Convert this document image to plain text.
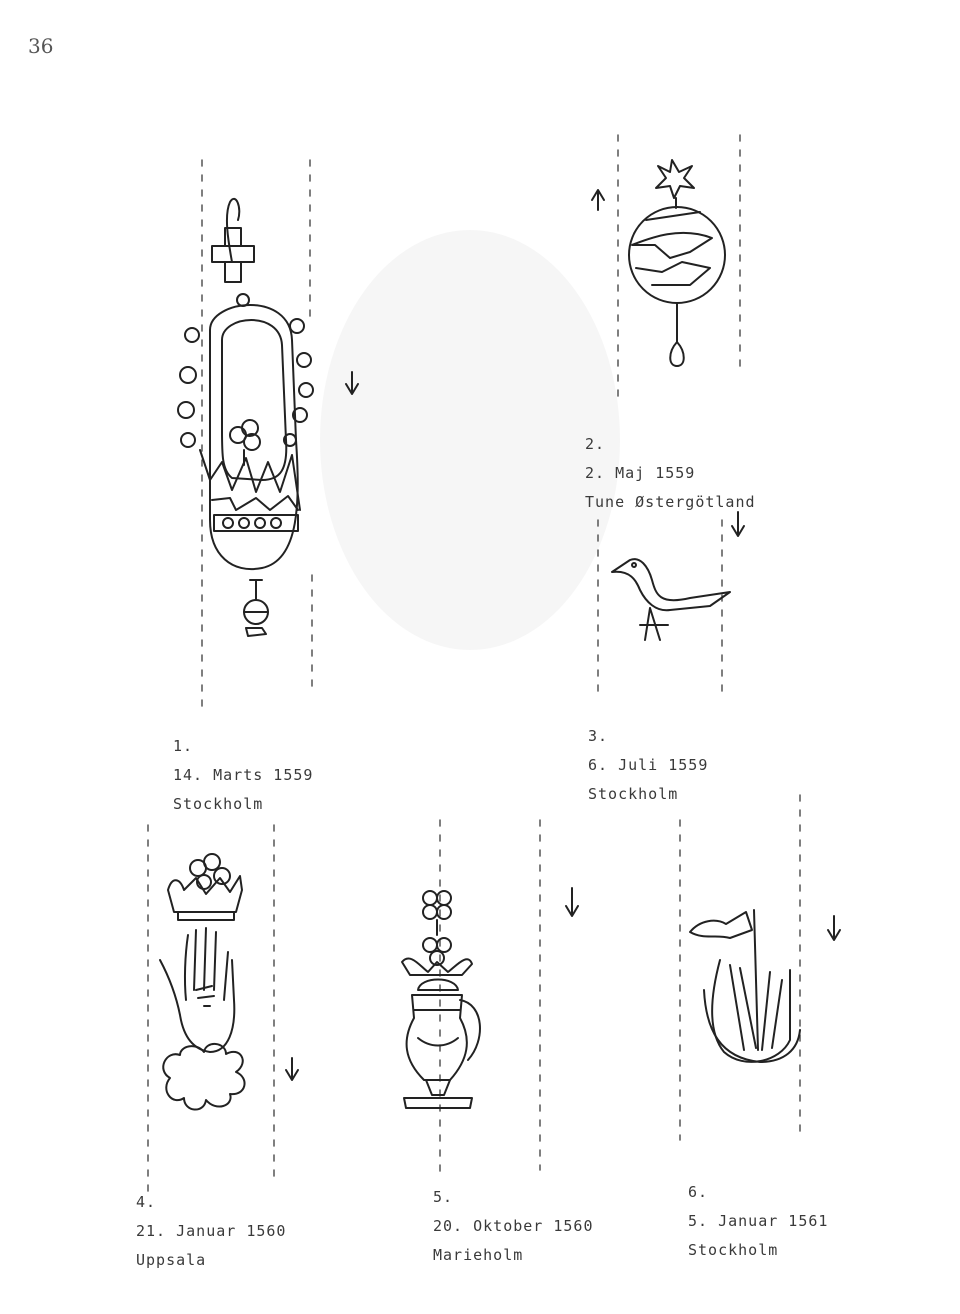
36
1.
14. Marts 1559
Stockholm
2.
2. Maj 1559
Tune Østergötland
3.
6. Juli 1559
Stockholm
4.
21. Januar 1560
Uppsala
5.
20. Oktober 1560
Marieholm
6.
5. Januar 1561
Stockholm
